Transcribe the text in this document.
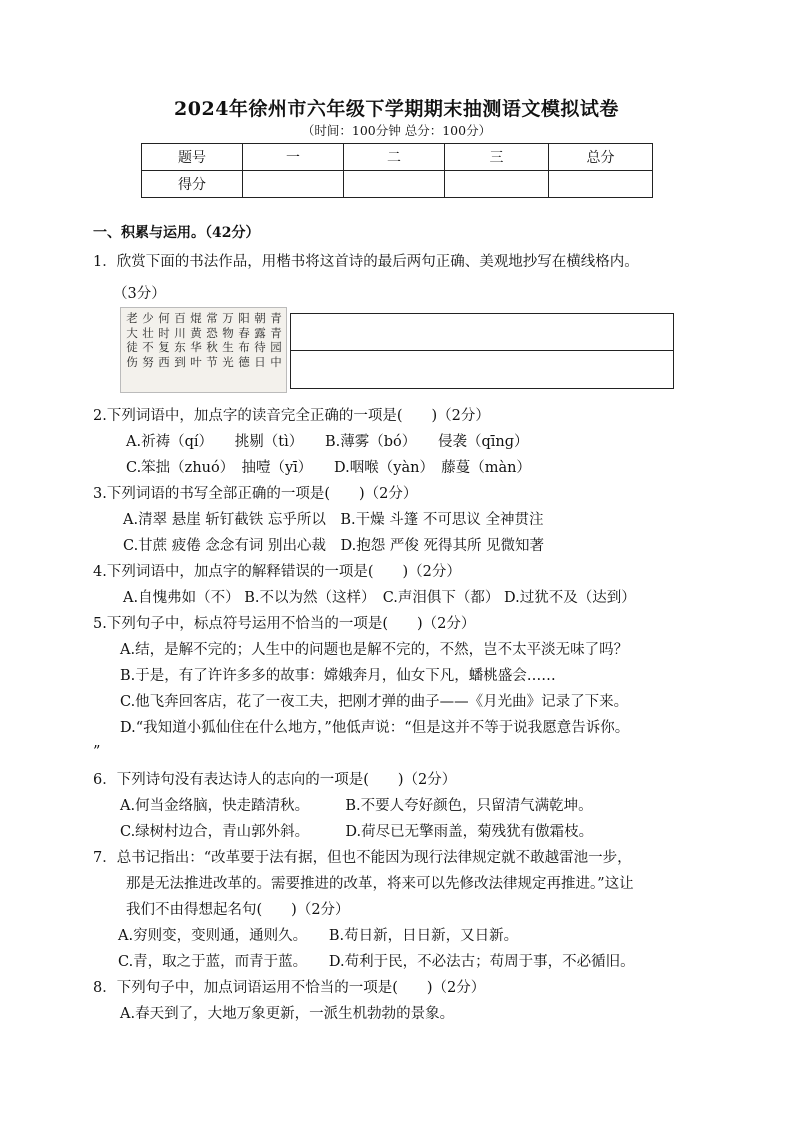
2024年徐州市六年级下学期期末抽测语文模拟试卷
（时间：100分钟 总分：100分）
题号	一	二	三	总分
得分				
一、积累与运用。（42分）
1．欣赏下面的书法作品，用楷书将这首诗的最后两句正确、美观地抄写在横线格内。
（3分）
青青园中
朝露待日
阳春布德
万物生光
常恐秋节
焜黄华叶
百川东到
何时复西
少壮不努
老大徒伤
2.下列词语中，加点字的读音完全正确的一项是(　　)（2分）
A.祈祷（qí）　　挑剔（tì）　　B.薄雾（bó）　　侵袭（qīnɡ）
C.笨拙（zhuó）　抽噎（yī）　　D.咽喉（yàn）　藤蔓（màn）
3.下列词语的书写全部正确的一项是(　　)（2分）
A.清翠 悬崖 斩钉截铁 忘乎所以　B.干燥 斗篷 不可思议 全神贯注
C.甘蔗 疲倦 念念有词 别出心裁　D.抱怨 严俊 死得其所 见微知著
4.下列词语中，加点字的解释错误的一项是(　　)（2分）
A.自愧弗如（不） B.不以为然（这样）　C.声泪俱下（都） D.过犹不及（达到）
5.下列句子中，标点符号运用不恰当的一项是(　　)（2分）
A.结，是解不完的；人生中的问题也是解不完的，不然，岂不太平淡无味了吗？
B.于是，有了许许多多的故事：嫦娥奔月，仙女下凡，蟠桃盛会……
C.他飞奔回客店，花了一夜工夫，把刚才弹的曲子——《月光曲》记录了下来。
D.“我知道小狐仙住在什么地方，”他低声说：“但是这并不等于说我愿意告诉你。
”
6．下列诗句没有表达诗人的志向的一项是(　　)（2分）
A.何当金络脑，快走踏清秋。　　　B.不要人夸好颜色，只留清气满乾坤。
C.绿树村边合，青山郭外斜。　　　D.荷尽已无擎雨盖，菊残犹有傲霜枝。
7．总书记指出：“改革要于法有据，但也不能因为现行法律规定就不敢越雷池一步，
那是无法推进改革的。需要推进的改革，将来可以先修改法律规定再推进。”这让
我们不由得想起名句(　　)（2分）
A.穷则变，变则通，通则久。　　B.苟日新，日日新，又日新。
C.青，取之于蓝，而青于蓝。　　D.苟利于民，不必法古；苟周于事，不必循旧。
8．下列句子中，加点词语运用不恰当的一项是(　　)（2分）
A.春天到了，大地万象更新，一派生机勃勃的景象。
